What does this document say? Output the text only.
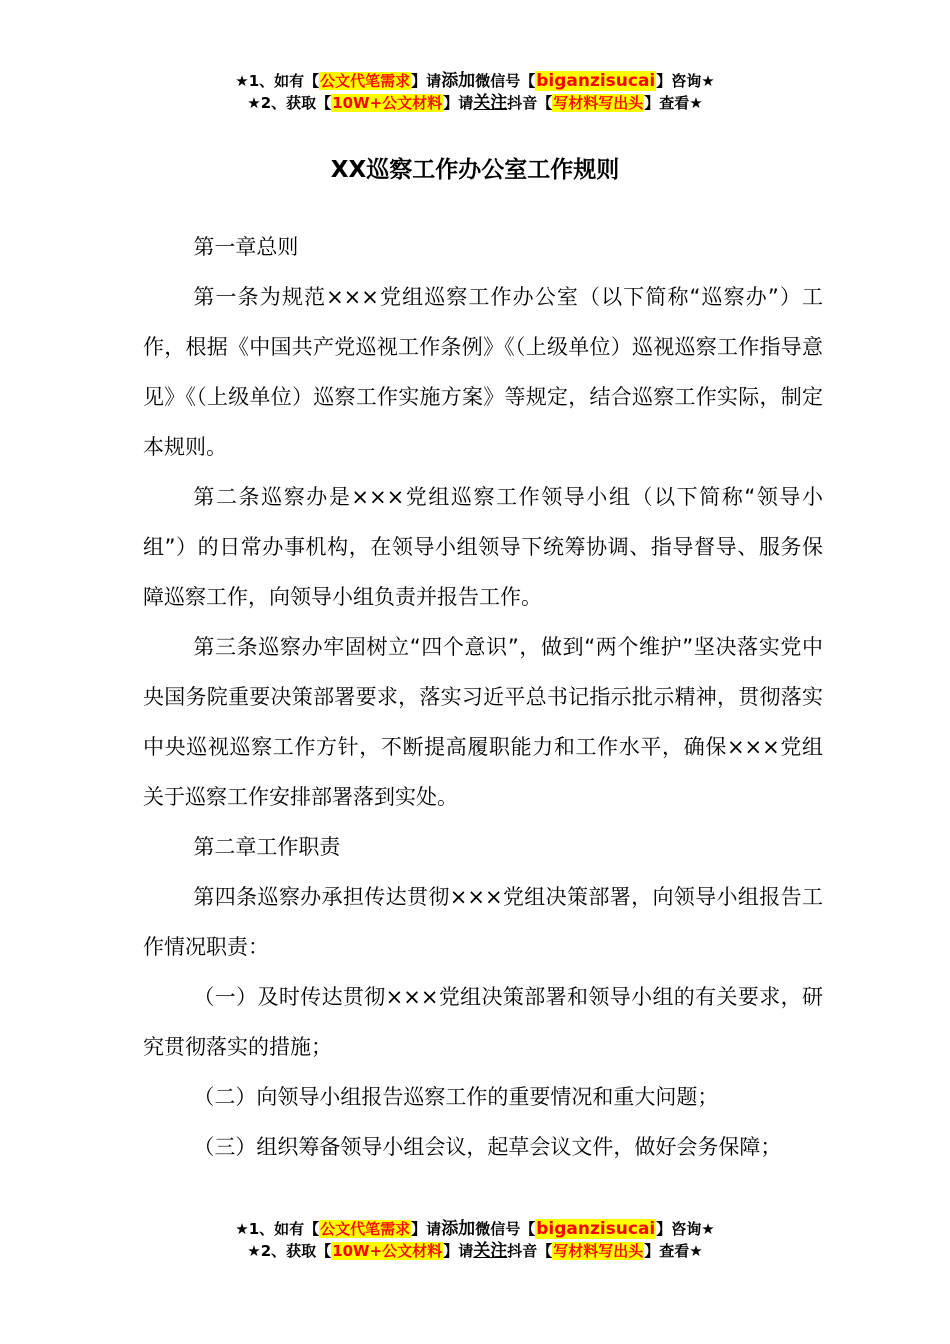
★1、如有【公文代笔需求】请添加微信号【biganzisucai】咨询★
★2、获取【10W+公文材料】请关注抖音【写材料写出头】查看★
XX巡察工作办公室工作规则

第一章总则

第一条为规范×××党组巡察工作办公室（以下简称“巡察办”）工作，根据《中国共产党巡视工作条例》《（上级单位）巡视巡察工作指导意见》《（上级单位）巡察工作实施方案》等规定，结合巡察工作实际，制定本规则。

第二条巡察办是×××党组巡察工作领导小组（以下简称“领导小组”）的日常办事机构，在领导小组领导下统筹协调、指导督导、服务保障巡察工作，向领导小组负责并报告工作。

第三条巡察办牢固树立“四个意识”，做到“两个维护”坚决落实党中央国务院重要决策部署要求，落实习近平总书记指示批示精神，贯彻落实中央巡视巡察工作方针，不断提高履职能力和工作水平，确保×××党组关于巡察工作安排部署落到实处。

第二章工作职责

第四条巡察办承担传达贯彻×××党组决策部署，向领导小组报告工作情况职责：

（一）及时传达贯彻×××党组决策部署和领导小组的有关要求，研究贯彻落实的措施；

（二）向领导小组报告巡察工作的重要情况和重大问题；

（三）组织筹备领导小组会议，起草会议文件，做好会务保障；

★1、如有【公文代笔需求】请添加微信号【biganzisucai】咨询★
★2、获取【10W+公文材料】请关注抖音【写材料写出头】查看★
